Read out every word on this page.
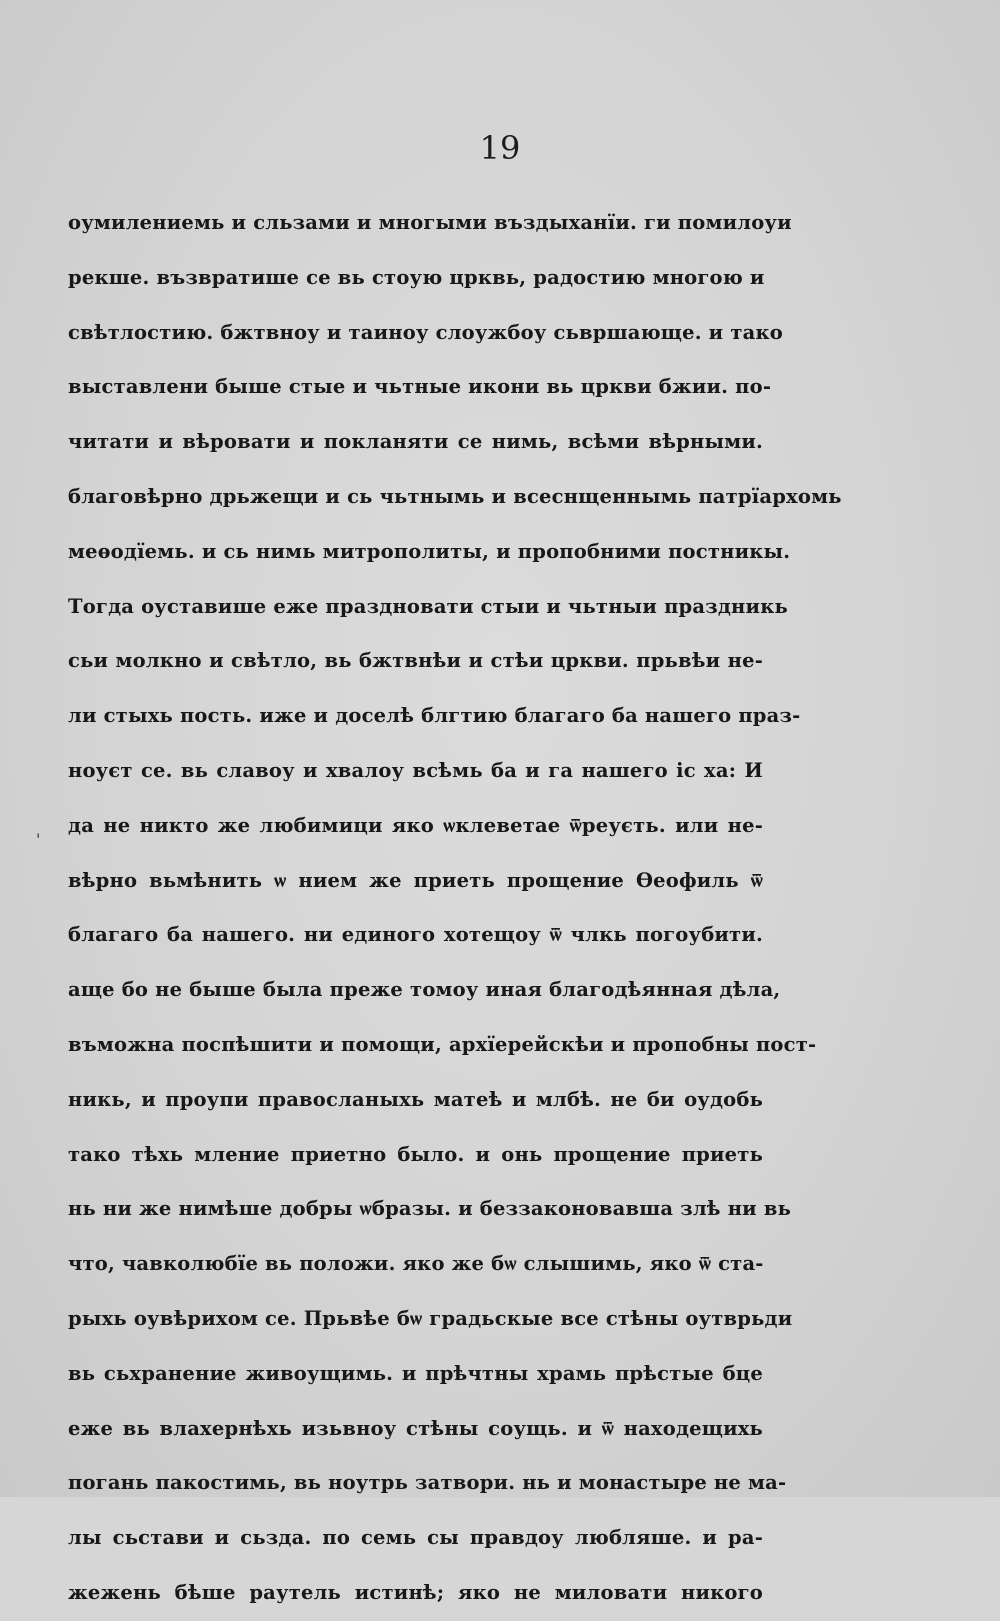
19
'
оумилениемь и сльзами и многыми въздыханїи. ги помилоуи
рекше. възвратише се вь стоую црквь, радостию многою и
свѣтлостию. бжтвноу и таиноу слоужбоу сьвршающе. и тако
выставлени быше стые и чьтные икони вь цркви бжии. по-
читати и вѣровати и покланяти се нимь, всѣми вѣрными.
благовѣрно дрьжещи и сь чьтнымь и всеснщеннымь патрїархомь
меѳодїемь. и сь нимь митрополиты, и пропобними постникы.
Тогда оуставише еже праздновати стыи и чьтныи праздникь
сьи молкно и свѣтло, вь бжтвнѣи и стѣи цркви. прьвѣи не-
ли стыхь пость. иже и доселѣ блгтию благаго ба нашего праз-
ноуєт се. вь славоу и хвалоу всѣмь ба и га нашего іс ха: И
да не никто же любимици яко ѡклеветае ѿреуєть. или не-
вѣрно вьмѣнить ѡ нием же приеть прощение Ѳеофиль ѿ
благаго ба нашего. ни единого хотещоу ѿ члкь погоубити.
аще бо не быше была преже томоу иная благодѣянная дѣла,
въможна поспѣшити и помощи, архїерейскѣи и пропобны пост-
никь, и проупи правосланыхь матеѣ и млбѣ. не би оудобь
тако тѣхь мление приетно было. и онь прощение приеть
нь ни же нимѣше добры ѡбразы. и беззаконовавша злѣ ни вь
что, чавколюбїе вь положи. яко же бѡ слышимь, яко ѿ ста-
рыхь оувѣрихом се. Прьвѣе бѡ градьскые все стѣны оутврьди
вь сьхранение живоущимь. и прѣчтны храмь прѣстые бце
еже вь влахернѣхь изьвноу стѣны соущь. и ѿ находещихь
погань пакостимь, вь ноутрь затвори. нь и монастыре не ма-
лы сьстави и сьзда. по семь сы правдоу любляше. и ра-
жежень бѣше раутель истинѣ; яко не миловати никого
